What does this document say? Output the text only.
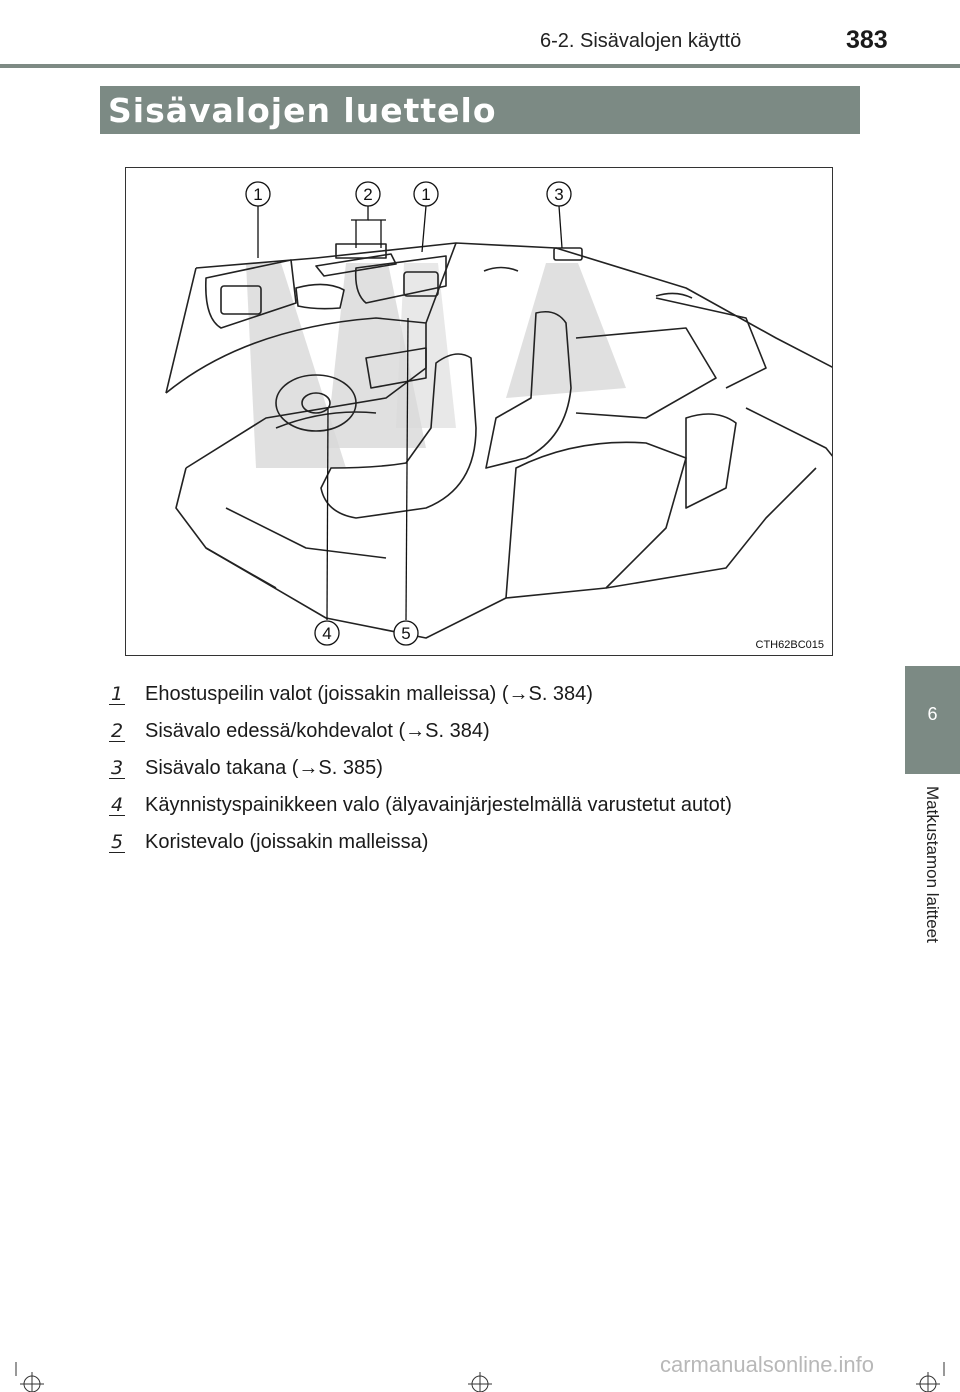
6-2. Sisävalojen käyttö	383
Sisävalojen luettelo
6
Matkustamon laitteet
1	2	1	3
4	5
CTH62BC015
1 Ehostuspeilin valot (joissakin malleissa) (→S. 384)
2 Sisävalo edessä/kohdevalot (→S. 384)
3 Sisävalo takana (→S. 385)
4 Käynnistyspainikkeen valo (älyavainjärjestelmällä varustetut autot)
5 Koristevalo (joissakin malleissa)
carmanualsonline.info
